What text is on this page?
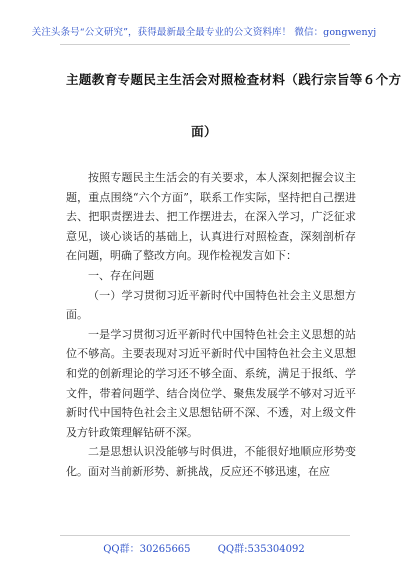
关注头条号“公文研究”，获得最新最全最专业的公文资料库！ 微信：gongwenyj
主题教育专题民主生活会对照检查材料（践行宗旨等６个方
面）

按照专题民主生活会的有关要求，本人深刻把握会议主题，重点围绕“六个方面”，联系工作实际，坚持把自己摆进去、把职责摆进去、把工作摆进去，在深入学习，广泛征求意见，谈心谈话的基础上，认真进行对照检查，深刻剖析存在问题，明确了整改方向。现作检视发言如下：

一、存在问题

（一）学习贯彻习近平新时代中国特色社会主义思想方面。

一是学习贯彻习近平新时代中国特色社会主义思想的站位不够高。主要表现对习近平新时代中国特色社会主义思想和党的创新理论的学习还不够全面、系统，满足于报纸、学文件，带着问题学、结合岗位学、聚焦发展学不够对习近平新时代中国特色社会主义思想钻研不深、不透，对上级文件及方针政策理解钻研不深。

二是思想认识没能够与时俱进，不能很好地顺应形势变化。面对当前新形势、新挑战，反应还不够迅速，在应

QQ群：30265665	QQ群:535304092
